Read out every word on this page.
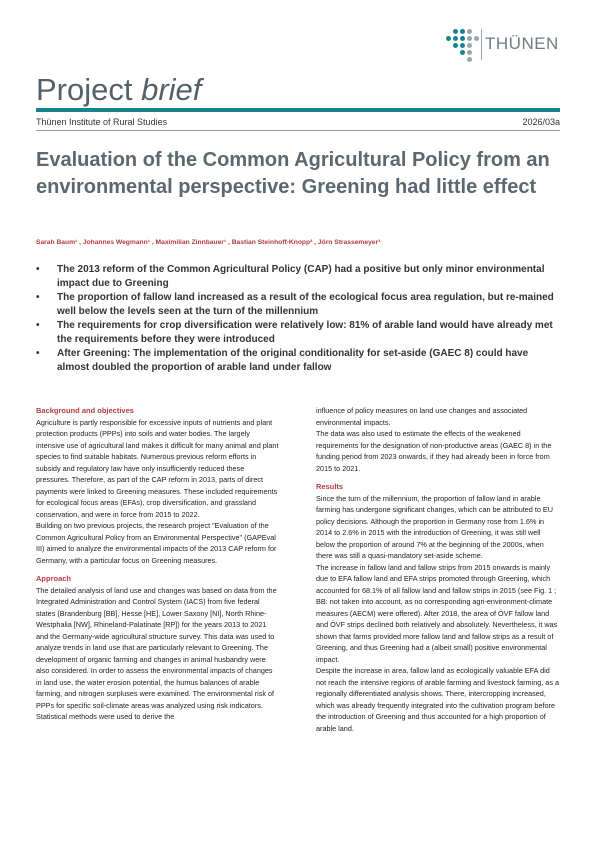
THÜNEN
Project brief
Thünen Institute of Rural Studies	2026/03a
Evaluation of the Common Agricultural Policy from an environmental perspective: Greening had little effect
Sarah Baum¹ , Johannes Wegmann¹ , Maximilian Zinnbauer¹ , Bastian Steinhoff-Knopp² , Jörn Strassemeyer³
• The 2013 reform of the Common Agricultural Policy (CAP) had a positive but only minor environmental impact due to Greening
• The proportion of fallow land increased as a result of the ecological focus area regulation, but re-mained well below the levels seen at the turn of the millennium
• The requirements for crop diversification were relatively low: 81% of arable land would have already met the requirements before they were introduced
• After Greening: The implementation of the original conditionality for set-aside (GAEC 8) could have almost doubled the proportion of arable land under fallow
Background and objectives

Agriculture is partly responsible for excessive inputs of nutrients and plant protection products (PPPs) into soils and water bodies. The largely intensive use of agricultural land makes it difficult for many animal and plant species to find suitable habitats. Numerous previous reform efforts in subsidy and regulatory law have only insufficiently reduced these pressures. Therefore, as part of the CAP reform in 2013, parts of direct payments were linked to Greening measures. These included requirements for ecological focus areas (EFAs), crop diversification, and grassland conservation, and were in force from 2015 to 2022.

Building on two previous projects, the research project "Evaluation of the Common Agricultural Policy from an Environmental Perspective" (GAPEval III) aimed to analyze the environmental impacts of the 2013 CAP reform for Germany, with a particular focus on Greening measures.

Approach

The detailed analysis of land use and changes was based on data from the Integrated Administration and Control System (IACS) from five federal states (Brandenburg [BB], Hesse [HE], Lower Saxony [NI], North Rhine-Westphalia [NW], Rhineland-Palatinate [RP]) for the years 2013 to 2021 and the Germany-wide agricultural structure survey. This data was used to analyze trends in land use that are particularly relevant to Greening. The development of organic farming and changes in animal husbandry were also considered. In order to assess the environmental impacts of changes in land use, the water erosion potential, the humus balances of arable farming, and nitrogen surpluses were examined. The environmental risk of PPPs for specific soil-climate areas was analyzed using risk indicators. Statistical methods were used to derive the

influence of policy measures on land use changes and associated environmental impacts.

The data was also used to estimate the effects of the weakened requirements for the designation of non-productive areas (GAEC 8) in the funding period from 2023 onwards, if they had already been in force from 2015 to 2021.

Results

Since the turn of the millennium, the proportion of fallow land in arable farming has undergone significant changes, which can be attributed to EU policy decisions. Although the proportion in Germany rose from 1.6% in 2014 to 2.6% in 2015 with the introduction of Greening, it was still well below the proportion of around 7% at the beginning of the 2000s, when there was still a quasi-mandatory set-aside scheme.

The increase in fallow land and fallow strips from 2015 onwards is mainly due to EFA fallow land and EFA strips promoted through Greening, which accounted for 68.1% of all fallow land and fallow strips in 2015 (see Fig. 1 ; BB: not taken into account, as no corresponding agri-environment-climate measures (AECM) were offered). After 2018, the area of ÖVF fallow land and ÖVF strips declined both relatively and absolutely. Nevertheless, it was shown that farms provided more fallow land and fallow strips as a result of Greening, and thus Greening had a (albeit small) positive environmental impact.

Despite the increase in area, fallow land as ecologically valuable EFA did not reach the intensive regions of arable farming and livestock farming, as a regionally differentiated analysis shows. There, intercropping increased, which was already frequently integrated into the cultivation program before the introduction of Greening and thus accounted for a high proportion of arable land.
